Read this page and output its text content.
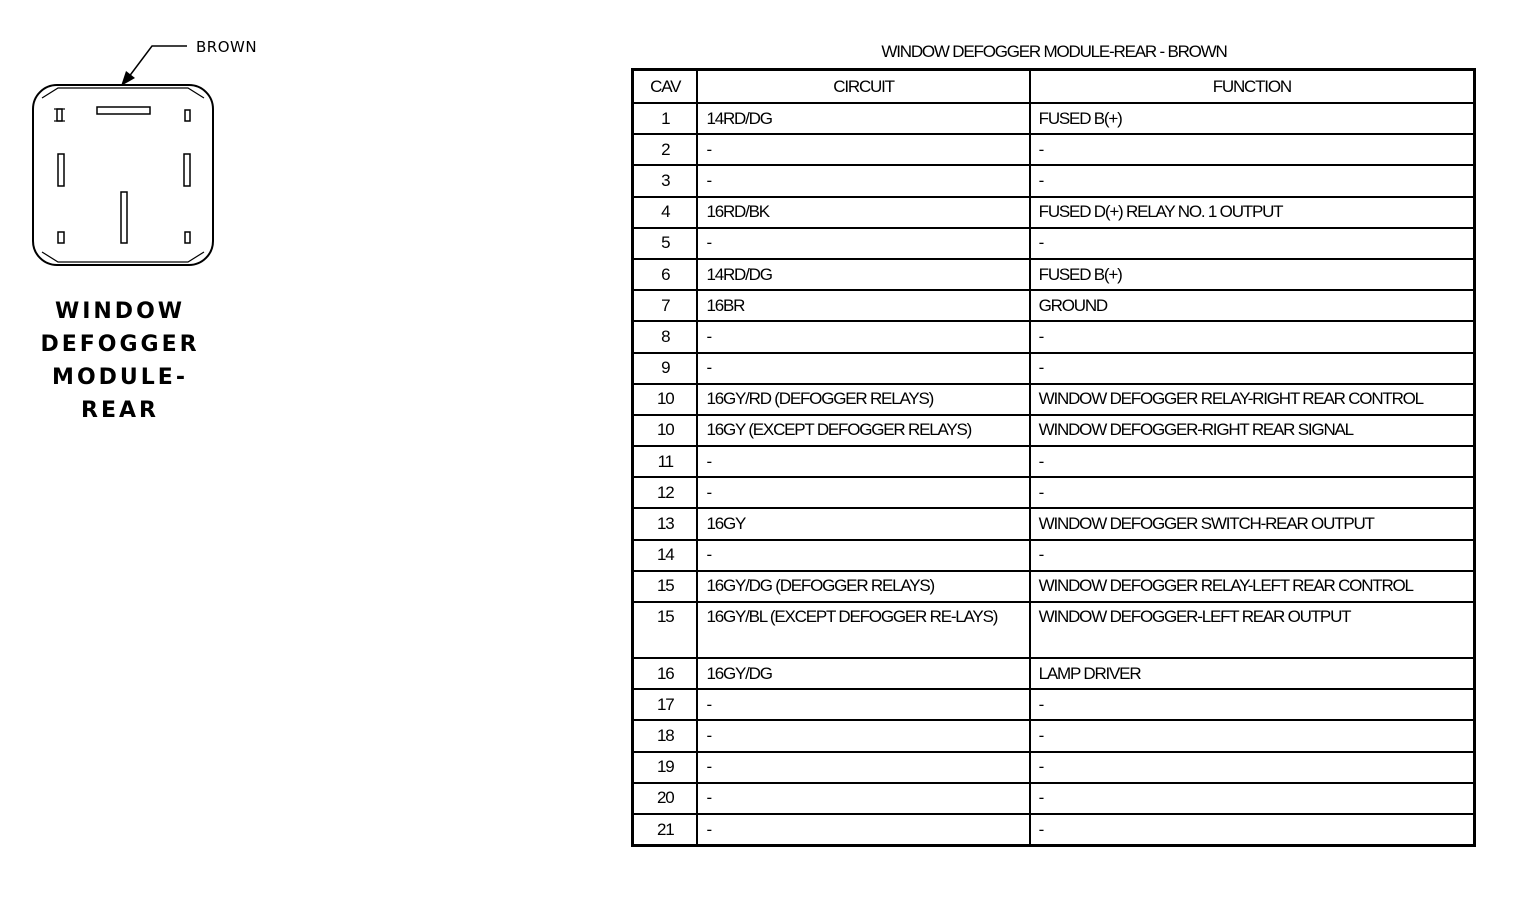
BROWN
WINDOW
DEFOGGER
MODULE-
REAR
WINDOW DEFOGGER MODULE-REAR - BROWN
CAV	CIRCUIT	FUNCTION
1	14RD/DG	FUSED B(+)
2	-	-
3	-	-
4	16RD/BK	FUSED D(+) RELAY NO. 1 OUTPUT
5	-	-
6	14RD/DG	FUSED B(+)
7	16BR	GROUND
8	-	-
9	-	-
10	16GY/RD (DEFOGGER RELAYS)	WINDOW DEFOGGER RELAY-RIGHT REAR CONTROL
10	16GY (EXCEPT DEFOGGER RELAYS)	WINDOW DEFOGGER-RIGHT REAR SIGNAL
11	-	-
12	-	-
13	16GY	WINDOW DEFOGGER SWITCH-REAR OUTPUT
14	-	-
15	16GY/DG (DEFOGGER RELAYS)	WINDOW DEFOGGER RELAY-LEFT REAR CONTROL
15	16GY/BL (EXCEPT DEFOGGER RE-LAYS)	WINDOW DEFOGGER-LEFT REAR OUTPUT
16	16GY/DG	LAMP DRIVER
17	-	-
18	-	-
19	-	-
20	-	-
21	-	-
